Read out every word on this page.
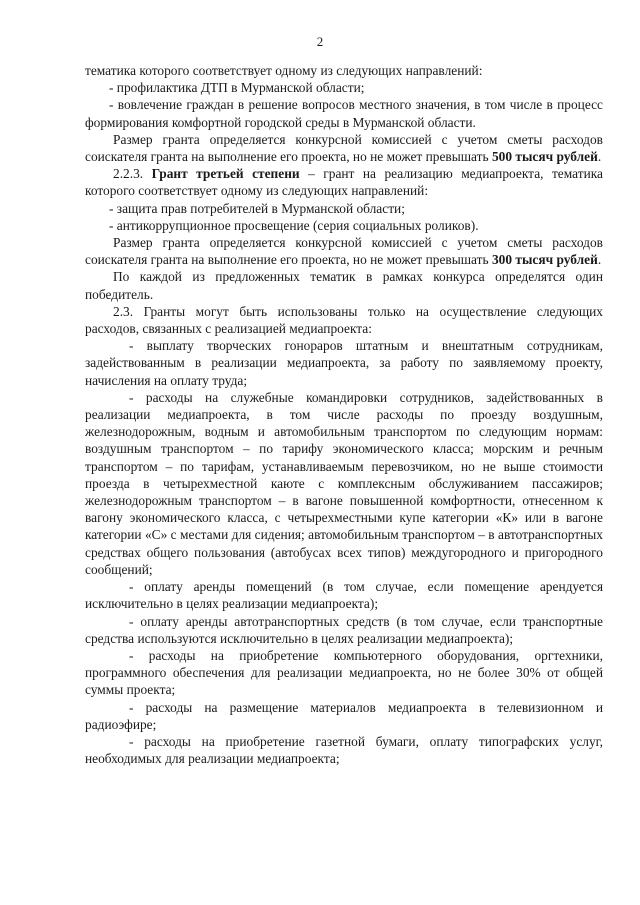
2

тематика которого соответствует одному из следующих направлений:

- профилактика ДТП в Мурманской области;

- вовлечение граждан в решение вопросов местного значения, в том числе в процесс формирования комфортной городской среды в Мурманской области.

Размер гранта определяется конкурсной комиссией с учетом сметы расходов соискателя гранта на выполнение его проекта, но не может превышать 500 тысяч рублей.

2.2.3. Грант третьей степени – грант на реализацию медиапроекта, тематика которого соответствует одному из следующих направлений:

- защита прав потребителей в Мурманской области;

- антикоррупционное просвещение (серия социальных роликов).

Размер гранта определяется конкурсной комиссией с учетом сметы расходов соискателя гранта на выполнение его проекта, но не может превышать 300 тысяч рублей.

По каждой из предложенных тематик в рамках конкурса определятся один победитель.

2.3. Гранты могут быть использованы только на осуществление следующих расходов, связанных с реализацией медиапроекта:

- выплату творческих гонораров штатным и внештатным сотрудникам, задействованным в реализации медиапроекта, за работу по заявляемому проекту, начисления на оплату труда;

- расходы на служебные командировки сотрудников, задействованных в реализации медиапроекта, в том числе расходы по проезду воздушным, железнодорожным, водным и автомобильным транспортом по следующим нормам: воздушным транспортом – по тарифу экономического класса; морским и речным транспортом – по тарифам, устанавливаемым перевозчиком, но не выше стоимости проезда в четырехместной каюте с комплексным обслуживанием пассажиров; железнодорожным транспортом – в вагоне повышенной комфортности, отнесенном к вагону экономического класса, с четырехместными купе категории «К» или в вагоне категории «С» с местами для сидения; автомобильным транспортом – в автотранспортных средствах общего пользования (автобусах всех типов) междугородного и пригородного сообщений;

- оплату аренды помещений (в том случае, если помещение арендуется исключительно в целях реализации медиапроекта);

- оплату аренды автотранспортных средств (в том случае, если транспортные средства используются исключительно в целях реализации медиапроекта);

- расходы на приобретение компьютерного оборудования, оргтехники, программного обеспечения для реализации медиапроекта, но не более 30% от общей суммы проекта;

- расходы на размещение материалов медиапроекта в телевизионном и радиоэфире;

- расходы на приобретение газетной бумаги, оплату типографских услуг, необходимых для реализации медиапроекта;
